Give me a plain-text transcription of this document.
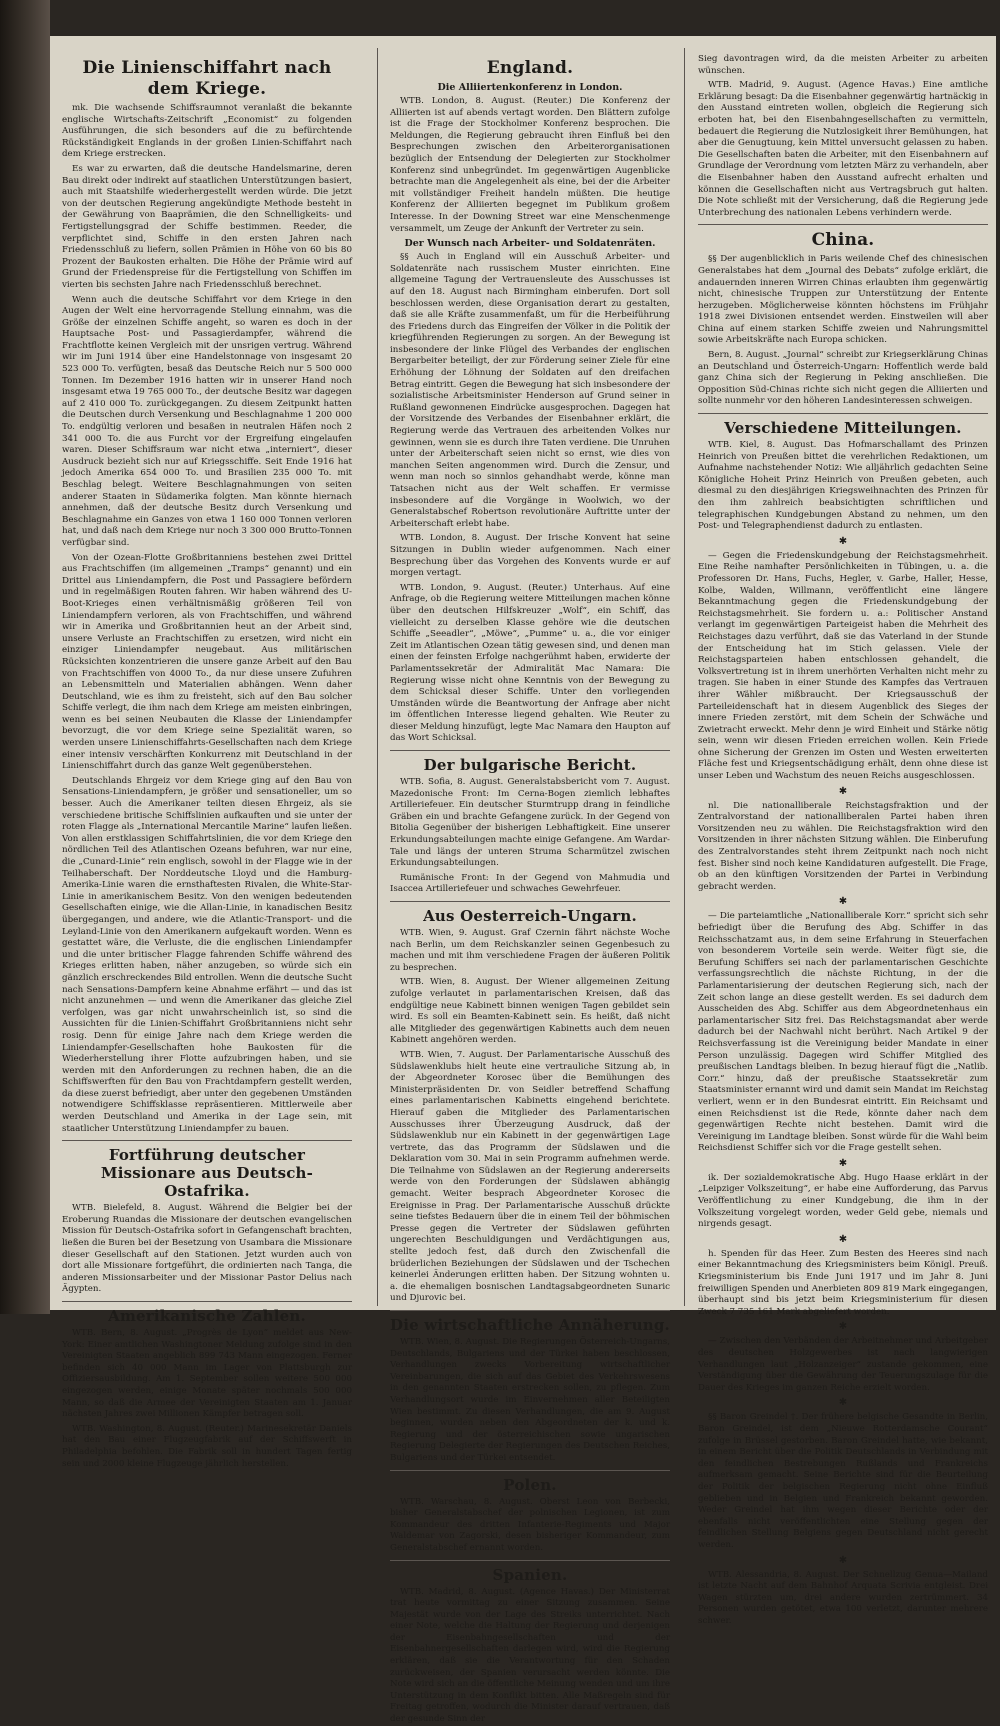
Die Linienschiffahrt nach dem Kriege.

mk. Die wachsende Schiffsraumnot veranlaßt die bekannte englische Wirtschafts-Zeitschrift „Economist“ zu folgenden Ausführungen, die sich besonders auf die zu befürchtende Rückständigkeit Englands in der großen Linien-Schiffahrt nach dem Kriege erstrecken.

Es war zu erwarten, daß die deutsche Handelsmarine, deren Bau direkt oder indirekt auf staatlichen Unterstützungen basiert, auch mit Staatshilfe wiederhergestellt werden würde. Die jetzt von der deutschen Regierung angekündigte Methode besteht in der Gewährung von Baaprämien, die den Schnelligkeits- und Fertigstellungsgrad der Schiffe bestimmen. Reeder, die verpflichtet sind, Schiffe in den ersten Jahren nach Friedensschluß zu liefern, sollen Prämien in Höhe von 60 bis 80 Prozent der Baukosten erhalten. Die Höhe der Prämie wird auf Grund der Friedenspreise für die Fertigstellung von Schiffen im vierten bis sechsten Jahre nach Friedensschluß berechnet.

Wenn auch die deutsche Schiffahrt vor dem Kriege in den Augen der Welt eine hervorragende Stellung einnahm, was die Größe der einzelnen Schiffe angeht, so waren es doch in der Hauptsache Post- und Passagierdampfer, während die Frachtflotte keinen Vergleich mit der unsrigen vertrug. Während wir im Juni 1914 über eine Handelstonnage von insgesamt 20 523 000 To. verfügten, besaß das Deutsche Reich nur 5 500 000 Tonnen. Im Dezember 1916 hatten wir in unserer Hand noch insgesamt etwa 19 765 000 To., der deutsche Besitz war dagegen auf 2 410 000 To. zurückgegangen. Zu diesem Zeitpunkt hatten die Deutschen durch Versenkung und Beschlagnahme 1 200 000 To. endgültig verloren und besaßen in neutralen Häfen noch 2 341 000 To. die aus Furcht vor der Ergreifung eingelaufen waren. Dieser Schiffsraum war nicht etwa „interniert“, dieser Ausdruck bezieht sich nur auf Kriegsschiffe. Seit Ende 1916 hat jedoch Amerika 654 000 To. und Brasilien 235 000 To. mit Beschlag belegt. Weitere Beschlagnahmungen von seiten anderer Staaten in Südamerika folgten. Man könnte hiernach annehmen, daß der deutsche Besitz durch Versenkung und Beschlagnahme ein Ganzes von etwa 1 160 000 Tonnen verloren hat, und daß nach dem Kriege nur noch 3 300 000 Brutto-Tonnen verfügbar sind.

Von der Ozean-Flotte Großbritanniens bestehen zwei Drittel aus Frachtschiffen (im allgemeinen „Tramps“ genannt) und ein Drittel aus Liniendampfern, die Post und Passagiere befördern und in regelmäßigen Routen fahren. Wir haben während des U-Boot-Krieges einen verhältnismäßig größeren Teil von Liniendampfern verloren, als von Frachtschiffen, und während wir in Amerika und Großbritannien heut an der Arbeit sind, unsere Verluste an Frachtschiffen zu ersetzen, wird nicht ein einziger Liniendampfer neugebaut. Aus militärischen Rücksichten konzentrieren die unsere ganze Arbeit auf den Bau von Frachtschiffen von 4000 To., da nur diese unsere Zufuhren an Lebensmitteln und Materialien abhängen. Wenn daher Deutschland, wie es ihm zu freisteht, sich auf den Bau solcher Schiffe verlegt, die ihm nach dem Kriege am meisten einbringen, wenn es bei seinen Neubauten die Klasse der Liniendampfer bevorzugt, die vor dem Kriege seine Spezialität waren, so werden unsere Linienschiffahrts-Gesellschaften nach dem Kriege einer intensiv verschärften Konkurrenz mit Deutschland in der Linienschiffahrt durch das ganze Welt gegenüberstehen.

Deutschlands Ehrgeiz vor dem Kriege ging auf den Bau von Sensations-Liniendampfern, je größer und sensationeller, um so besser. Auch die Amerikaner teilten diesen Ehrgeiz, als sie verschiedene britische Schiffslinien aufkauften und sie unter der roten Flagge als „International Mercantile Marine“ laufen ließen. Von allen erstklassigen Schiffahrtslinien, die vor dem Kriege den nördlichen Teil des Atlantischen Ozeans befuhren, war nur eine, die „Cunard-Linie“ rein englisch, sowohl in der Flagge wie in der Teilhaberschaft. Der Norddeutsche Lloyd und die Hamburg-Amerika-Linie waren die ernsthaftesten Rivalen, die White-Star-Linie in amerikanischem Besitz. Von den wenigen bedeutenden Gesellschaften einige, wie die Allan-Linie, in kanadischen Besitz übergegangen, und andere, wie die Atlantic-Transport- und die Leyland-Linie von den Amerikanern aufgekauft worden. Wenn es gestattet wäre, die Verluste, die die englischen Liniendampfer und die unter britischer Flagge fahrenden Schiffe während des Krieges erlitten haben, näher anzugeben, so würde sich ein gänzlich erschreckendes Bild entrollen. Wenn die deutsche Sucht nach Sensations-Dampfern keine Abnahme erfährt — und das ist nicht anzunehmen — und wenn die Amerikaner das gleiche Ziel verfolgen, was gar nicht unwahrscheinlich ist, so sind die Aussichten für die Linien-Schiffahrt Großbritanniens nicht sehr rosig. Denn für einige Jahre nach dem Kriege werden die Liniendampfer-Gesellschaften hohe Baukosten für die Wiederherstellung ihrer Flotte aufzubringen haben, und sie werden mit den Anforderungen zu rechnen haben, die an die Schiffswerften für den Bau von Frachtdampfern gestellt werden, da diese zuerst befriedigt, aber unter den gegebenen Umständen notwendigere Schiffsklasse repräsentieren. Mittlerweile aber werden Deutschland und Amerika in der Lage sein, mit staatlicher Unterstützung Liniendampfer zu bauen.

Fortführung deutscher Missionare aus Deutsch-Ostafrika.

WTB. Bielefeld, 8. August. Während die Belgier bei der Eroberung Ruandas die Missionare der deutschen evangelischen Mission für Deutsch-Ostafrika sofort in Gefangenschaft brachten, ließen die Buren bei der Besetzung von Usambara die Missionare dieser Gesellschaft auf den Stationen. Jetzt wurden auch von dort alle Missionare fortgeführt, die ordinierten nach Tanga, die anderen Missionsarbeiter und der Missionar Pastor Delius nach Ägypten.

Amerikanische Zahlen.

WTB. Bern, 8. August. „Progrès de Lyon“ meldet aus New-York: Einer amtlichen Washingtoner Meldung zufolge sind in den Vereinigten Staaten angeblich 899 743 Mann eingezogen. Ferner befinden sich 40 000 Mann im Lager von Plattsburgh zur Offiziersausbildung. Am 1. September sollen weitere 500 000 eingezogen werden, einige Monate später nochmals 500 000 Mann, so daß die Armee der Vereinigten Staaten am 1. Januar nächsten Jahres zwei Millionen Kämpfer betragen soll.

WTB. Washington, 8. August. (Reuter.) Marinesekretär Daniels hat den Bau einer Flugzeugfabrik auf der Schiffswerft in Philadelphia befohlen. Die Fabrik soll in hundert Tagen fertig sein und 2000 kleine Flugzeuge jährlich herstellen.

England.
Die Alliiertenkonferenz in London.

WTB. London, 8. August. (Reuter.) Die Konferenz der Alliierten ist auf abends vertagt worden. Den Blättern zufolge ist die Frage der Stockholmer Konferenz besprochen. Die Meldungen, die Regierung gebraucht ihren Einfluß bei den Besprechungen zwischen den Arbeiterorganisationen bezüglich der Entsendung der Delegierten zur Stockholmer Konferenz sind unbegründet. Im gegenwärtigen Augenblicke betrachte man die Angelegenheit als eine, bei der die Arbeiter mit vollständiger Freiheit handeln müßten. Die heutige Konferenz der Alliierten begegnet im Publikum großem Interesse. In der Downing Street war eine Menschenmenge versammelt, um Zeuge der Ankunft der Vertreter zu sein.

Der Wunsch nach Arbeiter- und Soldatenräten.

§§ Auch in England will ein Ausschuß Arbeiter- und Soldatenräte nach russischem Muster einrichten. Eine allgemeine Tagung der Vertrauensleute des Ausschusses ist auf den 18. August nach Birmingham einberufen. Dort soll beschlossen werden, diese Organisation derart zu gestalten, daß sie alle Kräfte zusammenfaßt, um für die Herbeiführung des Friedens durch das Eingreifen der Völker in die Politik der kriegführenden Regierungen zu sorgen. An der Bewegung ist insbesondere der linke Flügel des Verbandes der englischen Bergarbeiter beteiligt, der zur Förderung seiner Ziele für eine Erhöhung der Löhnung der Soldaten auf den dreifachen Betrag eintritt. Gegen die Bewegung hat sich insbesondere der sozialistische Arbeitsminister Henderson auf Grund seiner in Rußland gewonnenen Eindrücke ausgesprochen. Dagegen hat der Vorsitzende des Verbandes der Eisenbahner erklärt, die Regierung werde das Vertrauen des arbeitenden Volkes nur gewinnen, wenn sie es durch ihre Taten verdiene. Die Unruhen unter der Arbeiterschaft seien nicht so ernst, wie dies von manchen Seiten angenommen wird. Durch die Zensur, und wenn man noch so sinnlos gehandhabt werde, könne man Tatsachen nicht aus der Welt schaffen. Er vermisse insbesondere auf die Vorgänge in Woolwich, wo der Generalstabschef Robertson revolutionäre Auftritte unter der Arbeiterschaft erlebt habe.

WTB. London, 8. August. Der Irische Konvent hat seine Sitzungen in Dublin wieder aufgenommen. Nach einer Besprechung über das Vorgehen des Konvents wurde er auf morgen vertagt.

WTB. London, 9. August. (Reuter.) Unterhaus. Auf eine Anfrage, ob die Regierung weitere Mitteilungen machen könne über den deutschen Hilfskreuzer „Wolf“, ein Schiff, das vielleicht zu derselben Klasse gehöre wie die deutschen Schiffe „Seeadler“, „Möwe“, „Pumme“ u. a., die vor einiger Zeit im Atlantischen Ozean tätig gewesen sind, und denen man einen der feinsten Erfolge nachgerühmt haben, erwiderte der Parlamentssekretär der Admiralität Mac Namara: Die Regierung wisse nicht ohne Kenntnis von der Bewegung zu dem Schicksal dieser Schiffe. Unter den vorliegenden Umständen würde die Beantwortung der Anfrage aber nicht im öffentlichen Interesse liegend gehalten. Wie Reuter zu dieser Meldung hinzufügt, legte Mac Namara den Haupton auf das Wort Schicksal.

Der bulgarische Bericht.

WTB. Sofia, 8. August. Generalstabsbericht vom 7. August. Mazedonische Front: Im Cerna-Bogen ziemlich lebhaftes Artilleriefeuer. Ein deutscher Sturmtrupp drang in feindliche Gräben ein und brachte Gefangene zurück. In der Gegend von Bitolia Gegenüber der bisherigen Lebhaftigkeit. Eine unserer Erkundungsabteilungen machte einige Gefangene. Am Wardar-Tale und längs der unteren Struma Scharmützel zwischen Erkundungsabteilungen.

Rumänische Front: In der Gegend von Mahmudia und Isaccea Artilleriefeuer und schwaches Gewehrfeuer.

Aus Oesterreich-Ungarn.

WTB. Wien, 9. August. Graf Czernin fährt nächste Woche nach Berlin, um dem Reichskanzler seinen Gegenbesuch zu machen und mit ihm verschiedene Fragen der äußeren Politik zu besprechen.

WTB. Wien, 8. August. Der Wiener allgemeinen Zeitung zufolge verlautet in parlamentarischen Kreisen, daß das endgültige neue Kabinett binnen wenigen Tagen gebildet sein wird. Es soll ein Beamten-Kabinett sein. Es heißt, daß nicht alle Mitglieder des gegenwärtigen Kabinetts auch dem neuen Kabinett angehören werden.

WTB. Wien, 7. August. Der Parlamentarische Ausschuß des Südslawenklubs hielt heute eine vertrauliche Sitzung ab, in der Abgeordneter Korosec über die Bemühungen des Ministerpräsidenten Dr. von Seidler betreffend Schaffung eines parlamentarischen Kabinetts eingehend berichtete. Hierauf gaben die Mitglieder des Parlamentarischen Ausschusses ihrer Überzeugung Ausdruck, daß der Südslawenklub nur ein Kabinett in der gegenwärtigen Lage vertrete, das das Programm der Südslawen und die Deklaration vom 30. Mai in sein Programm aufnehmen werde. Die Teilnahme von Südslawen an der Regierung andererseits werde von den Forderungen der Südslawen abhängig gemacht. Weiter besprach Abgeordneter Korosec die Ereignisse in Prag. Der Parlamentarische Ausschuß drückte seine tiefstes Bedauern über die in einem Teil der böhmischen Presse gegen die Vertreter der Südslawen geführten ungerechten Beschuldigungen und Verdächtigungen aus, stellte jedoch fest, daß durch den Zwischenfall die brüderlichen Beziehungen der Südslawen und der Tschechen keinerlei Änderungen erlitten haben. Der Sitzung wohnten u. a. die ehemaligen bosnischen Landtagsabgeordneten Sunaric und Djurovic bei.

Die wirtschaftliche Annäherung.

WTB. Wien, 8. August. Die Regierungen Österreich-Ungarns, Deutschlands, Bulgariens und der Türkei haben beschlossen, Verhandlungen zwecks Vorbereitung wirtschaftlicher Vereinbarungen, die sich auf das Gebiet des Verkehrswesens in den genannten Staaten erstrecken sollen, zu pflegen. Zum Verhandlungsort wurde im Einvernehmen aller Beteiligten Wien bestimmt. Zu diesen Verhandlungen, die am 9. August beginnen, wurden neben den Abgeordneten der k. und k. Regierung und der österreichischen sowie ungarischen Regierung Delegierte der Regierungen des Deutschen Reiches, Bulgariens und der Türkei entsendet.

Polen.

WTB. Warschau, 8. August. Oberst Leon von Berbecki, bisher Generalstabschef der polnischen Legionen, ist zum Kommandeur des dritten Infanterie-Regiments und Major Waldemar von Zagorski, desen bisheriger Kommandeur, zum Generalstabschef ernannt worden.

Spanien.

WTB. Madrid, 8. August. (Agence Havas.) Der Ministerrat trat heute vormittag zu einer Sitzung zusammen. Seine Majestät wurde von der Lage des Streiks unterrichtet. Nach einer Note, welche die Haltung der Regierung und derjenigen der Eisenbahngesellschaften und der Eisenbahnergesellschaften darlegen wird, wird die Regierung erklären, daß sie die Verantwortung für den Schaden zurückweisen, der Spanien verursacht werden könnte. Die Note wird sich an die öffentliche Meinung wenden und um ihre Unterstützung in dem Konflikt bitten. Alle Maßregeln sind für Freitag getroffen, wodurch die Minister darauf vertrauen, daß der gesunde Sinn der

Sieg davontragen wird, da die meisten Arbeiter zu arbeiten wünschen.

WTB. Madrid, 9. August. (Agence Havas.) Eine amtliche Erklärung besagt: Da die Eisenbahner gegenwärtig hartnäckig in den Ausstand eintreten wollen, obgleich die Regierung sich erboten hat, bei den Eisenbahngesellschaften zu vermitteln, bedauert die Regierung die Nutzlosigkeit ihrer Bemühungen, hat aber die Genugtuung, kein Mittel unversucht gelassen zu haben. Die Gesellschaften baten die Arbeiter, mit den Eisenbahnern auf Grundlage der Verordnung vom letzten März zu verhandeln, aber die Eisenbahner haben den Ausstand aufrecht erhalten und können die Gesellschaften nicht aus Vertragsbruch gut halten. Die Note schließt mit der Versicherung, daß die Regierung jede Unterbrechung des nationalen Lebens verhindern werde.

China.

§§ Der augenblicklich in Paris weilende Chef des chinesischen Generalstabes hat dem „Journal des Debats“ zufolge erklärt, die andauernden inneren Wirren Chinas erlaubten ihm gegenwärtig nicht, chinesische Truppen zur Unterstützung der Entente herzugeben. Möglicherweise könnten höchstens im Frühjahr 1918 zwei Divisionen entsendet werden. Einstweilen will aber China auf einem starken Schiffe zweien und Nahrungsmittel sowie Arbeitskräfte nach Europa schicken.

Bern, 8. August. „Journal“ schreibt zur Kriegserklärung Chinas an Deutschland und Österreich-Ungarn: Hoffentlich werde bald ganz China sich der Regierung in Peking anschließen. Die Opposition Süd-Chinas richte sich nicht gegen die Alliierten und sollte nunmehr vor den höheren Landesinteressen schweigen.

Verschiedene Mitteilungen.

WTB. Kiel, 8. August. Das Hofmarschallamt des Prinzen Heinrich von Preußen bittet die verehrlichen Redaktionen, um Aufnahme nachstehender Notiz: Wie alljährlich gedachten Seine Königliche Hoheit Prinz Heinrich von Preußen gebeten, auch diesmal zu den diesjährigen Kriegsweihnachten des Prinzen für den ihm zahlreich beabsichtigten schriftlichen und telegraphischen Kundgebungen Abstand zu nehmen, um den Post- und Telegraphendienst dadurch zu entlasten.

✱

— Gegen die Friedenskundgebung der Reichstagsmehrheit. Eine Reihe namhafter Persönlichkeiten in Tübingen, u. a. die Professoren Dr. Hans, Fuchs, Hegler, v. Garbe, Haller, Hesse, Kolbe, Walden, Willmann, veröffentlicht eine längere Bekanntmachung gegen die Friedenskundgebung der Reichstagsmehrheit. Sie fordern u. a.: Politischer Anstand verlangt im gegenwärtigen Parteigeist haben die Mehrheit des Reichstages dazu verführt, daß sie das Vaterland in der Stunde der Entscheidung hat im Stich gelassen. Viele der Reichstagsparteien haben entschlossen gehandelt, die Volksvertretung ist in ihrem unerhörten Verhalten nicht mehr zu tragen. Sie haben in einer Stunde des Kampfes das Vertrauen ihrer Wähler mißbraucht. Der Kriegsausschuß der Parteileidenschaft hat in diesem Augenblick des Sieges der innere Frieden zerstört, mit dem Schein der Schwäche und Zwietracht erweckt. Mehr denn je wird Einheit und Stärke nötig sein, wenn wir diesen Frieden erreichen wollen. Kein Friede ohne Sicherung der Grenzen im Osten und Westen erweiterten Fläche fest und Kriegsentschädigung erhält, denn ohne diese ist unser Leben und Wachstum des neuen Reichs ausgeschlossen.

✱

nl. Die nationalliberale Reichstagsfraktion und der Zentralvorstand der nationalliberalen Partei haben ihren Vorsitzenden neu zu wählen. Die Reichstagsfraktion wird den Vorsitzenden in ihrer nächsten Sitzung wählen. Die Einberufung des Zentralvorstandes steht ihrem Zeitpunkt nach noch nicht fest. Bisher sind noch keine Kandidaturen aufgestellt. Die Frage, ob an den künftigen Vorsitzenden der Partei in Verbindung gebracht werden.

✱

— Die parteiamtliche „Nationalliberale Korr.“ spricht sich sehr befriedigt über die Berufung des Abg. Schiffer in das Reichsschatzamt aus, in dem seine Erfahrung in Steuerfachen von besonderem Vorteile sein werde. Weiter fügt sie, die Berufung Schiffers sei nach der parlamentarischen Geschichte verfassungsrechtlich die nächste Richtung, in der die Parlamentarisierung der deutschen Regierung sich, nach der Zeit schon lange an diese gestellt werden. Es sei dadurch dem Ausscheiden des Abg. Schiffer aus dem Abgeordnetenhaus ein parlamentarischer Sitz frei. Das Reichstagsmandat aber werde dadurch bei der Nachwahl nicht berührt. Nach Artikel 9 der Reichsverfassung ist die Vereinigung beider Mandate in einer Person unzulässig. Dagegen wird Schiffer Mitglied des preußischen Landtags bleiben. In bezug hierauf fügt die „Natlib. Corr.“ hinzu, daß der preußische Staatssekretär zum Staatsminister ernannt wird und damit sein Mandat im Reichstag verliert, wenn er in den Bundesrat eintritt. Ein Reichsamt und einen Reichsdienst ist die Rede, könnte daher nach dem gegenwärtigen Rechte nicht bestehen. Damit wird die Vereinigung im Landtage bleiben. Sonst würde für die Wahl beim Reichsdienst Schiffer sich vor die Frage gestellt sehen.

✱

ik. Der sozialdemokratische Abg. Hugo Haase erklärt in der „Leipziger Volkszeitung“, er habe eine Aufforderung, das Parvus Veröffentlichung zu einer Kundgebung, die ihm in der Volkszeitung vorgelegt worden, weder Geld gebe, niemals und nirgends gesagt.

✱

h. Spenden für das Heer. Zum Besten des Heeres sind nach einer Bekanntmachung des Kriegsministers beim Königl. Preuß. Kriegsministerium bis Ende Juni 1917 und im Jahr 8. Juni freiwilligen Spenden und Anerbieten 809 819 Mark eingegangen, überhaupt sind bis jetzt beim Kriegsministerium für diesen Zweck 7 735 161 Mark abgeliefert worden.

✱

— Zwischen den Verbänden der Arbeitnehmer und Arbeitgeber des deutschen Holzgewerbes ist nach langwierigen Verhandlungen laut „Holzanzeiger“ zustande gekommen, eine Verständigung über die Gewährung der Teuerungszulage für die Dauer des Krieges im ganzen Reiche erzielt worden.

✱

§§ Baron Greindel †. Der frühere belgische Gesandte in Berlin, Baron Greindel, ist dem „Nieuwe Rotterdamsche Courant“ zufolge in Brüssel gestorben. Baron Greindel hatte, wie bekannt, in einem Bericht über die Politik Deutschlands in Verbindung mit den feindlichen Bestrebungen Rußlands und Frankreichs aufmerksam gemacht. Seine Berichte sind für die Beurteilung der Politik der belgischen Regierung nicht ohne Einfluß geblieben und in Belgien und Frankreich bekannt geworden. Weder Greindel hat ihm wegen dieser Berichte oder der ebenfalls nicht veröffentlichten eine Stellung gegen der feindlichen Stellung Belgiens gegen Deutschland nicht gerecht werden.

✱

WTB. Alessandria, 8. August. Der Schnellzug Genua—Mailand ist letzte Nacht auf dem Bahnhof Arquata Scrivia entgleist. Drei Wagen stürzten um, drei andere wurden zertrümmert. 34 Personen wurden getötet, etwa 100 verletzt, darunter mehrere schwer.
